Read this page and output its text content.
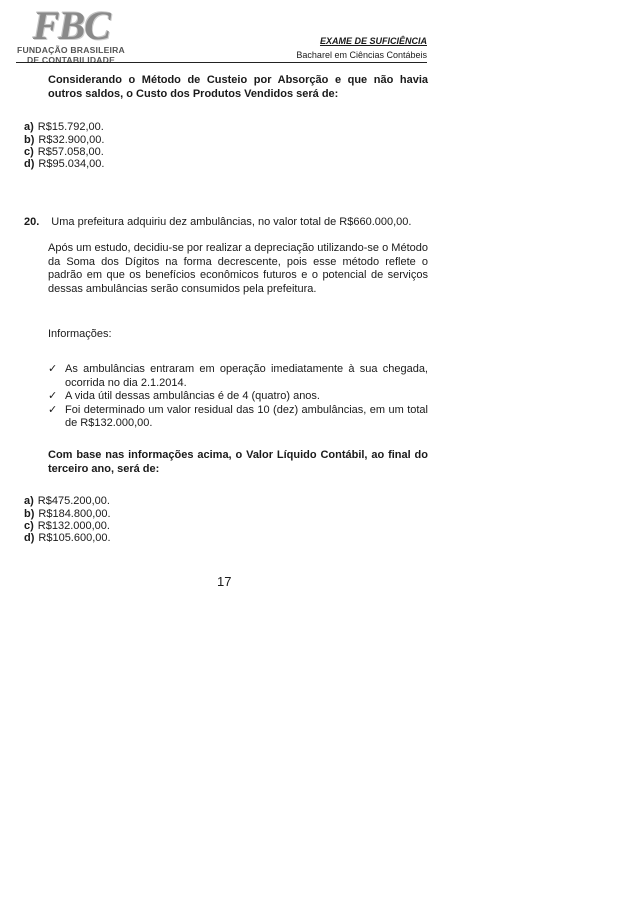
FBC
FUNDAÇÃO BRASILEIRA
DE CONTABILIDADE
EXAME DE SUFICIÊNCIA
Bacharel em Ciências Contábeis
Considerando o Método de Custeio por Absorção e que não havia outros saldos, o Custo dos Produtos Vendidos será de:
a) R$15.792,00.
b) R$32.900,00.
c) R$57.058,00.
d) R$95.034,00.
20. Uma prefeitura adquiriu dez ambulâncias, no valor total de R$660.000,00.
Após um estudo, decidiu-se por realizar a depreciação utilizando-se o Método da Soma dos Dígitos na forma decrescente, pois esse método reflete o padrão em que os benefícios econômicos futuros e o potencial de serviços dessas ambulâncias serão consumidos pela prefeitura.
Informações:
✓ As ambulâncias entraram em operação imediatamente à sua chegada, ocorrida no dia 2.1.2014.
✓ A vida útil dessas ambulâncias é de 4 (quatro) anos.
✓ Foi determinado um valor residual das 10 (dez) ambulâncias, em um total de R$132.000,00.
Com base nas informações acima, o Valor Líquido Contábil, ao final do terceiro ano, será de:
a) R$475.200,00.
b) R$184.800,00.
c) R$132.000,00.
d) R$105.600,00.
17
